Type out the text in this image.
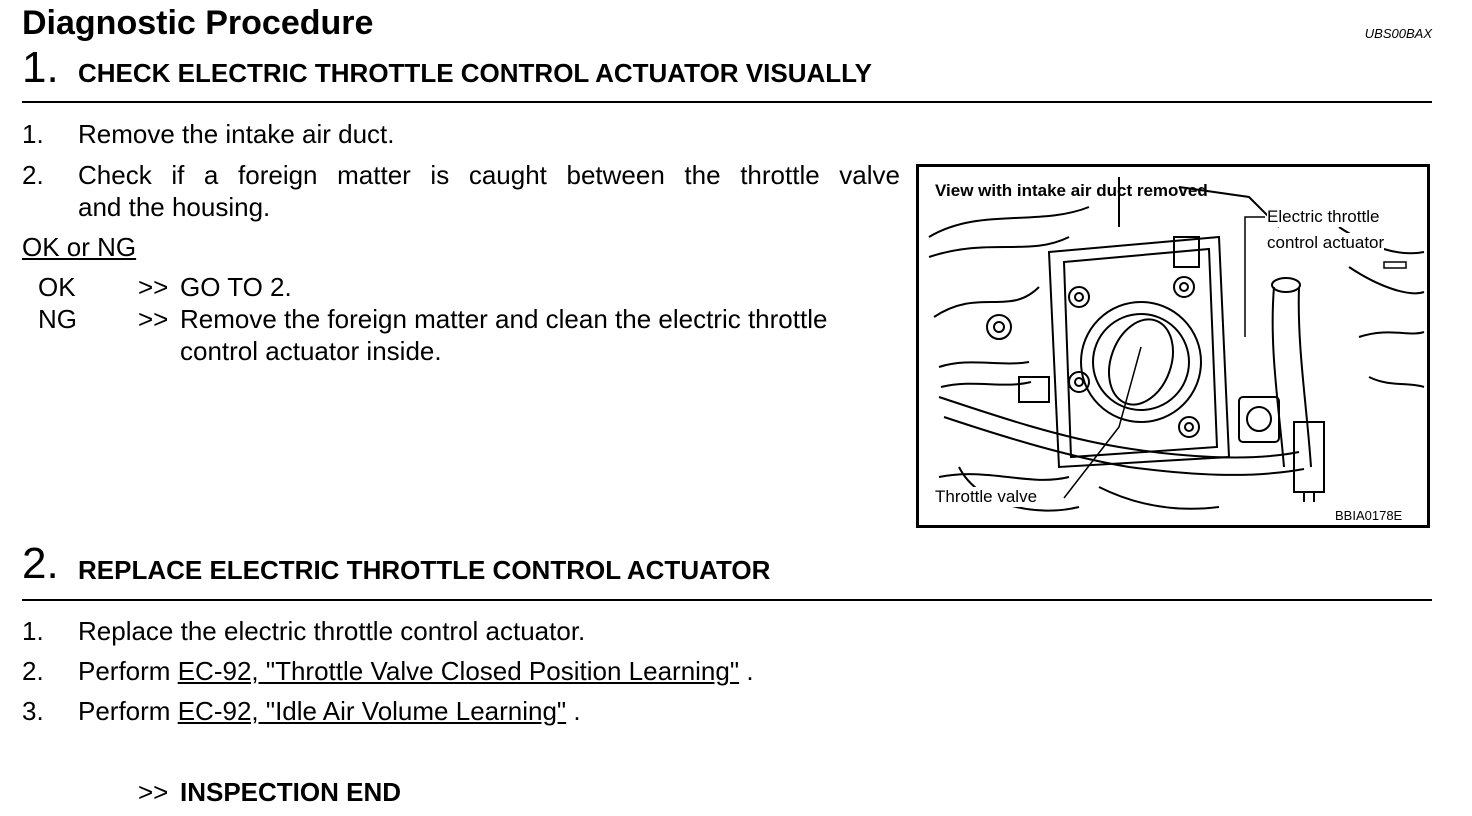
Diagnostic Procedure	UBS00BAX
1. CHECK ELECTRIC THROTTLE CONTROL ACTUATOR VISUALLY
1. Remove the intake air duct.
2. Check if a foreign matter is caught between the throttle valve
and the housing.
OK or NG
OK >> GO TO 2.
NG >> Remove the foreign matter and clean the electric throttle
control actuator inside.
View with intake air duct removed
Electric throttle
control actuator
Throttle valve
BBIA0178E
2. REPLACE ELECTRIC THROTTLE CONTROL ACTUATOR
1. Replace the electric throttle control actuator.
2. Perform EC-92, "Throttle Valve Closed Position Learning" .
3. Perform EC-92, "Idle Air Volume Learning" .
>> INSPECTION END
